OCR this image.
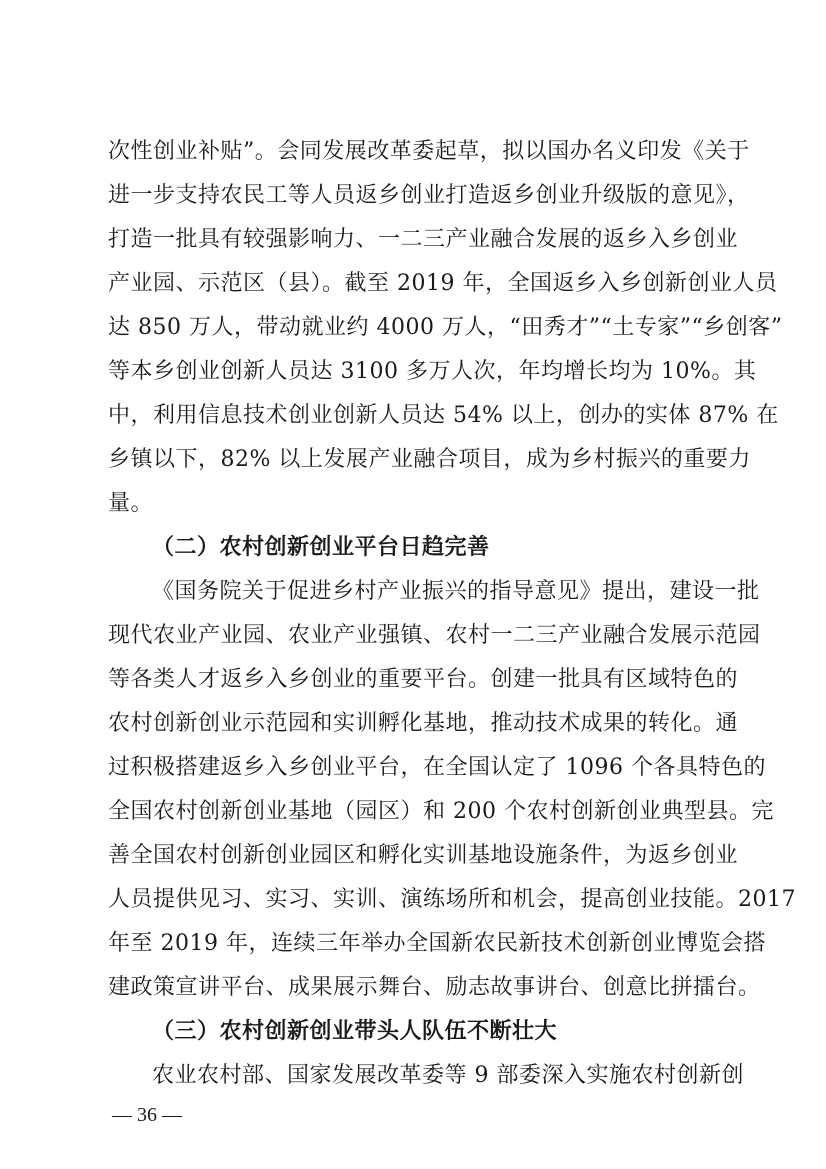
次性创业补贴”。会同发展改革委起草，拟以国办名义印发《关于
进一步支持农民工等人员返乡创业打造返乡创业升级版的意见》，
打造一批具有较强影响力、一二三产业融合发展的返乡入乡创业
产业园、示范区（县）。截至 2019 年，全国返乡入乡创新创业人员
达 850 万人，带动就业约 4000 万人，“田秀才”“土专家”“乡创客”
等本乡创业创新人员达 3100 多万人次，年均增长均为 10%。其
中，利用信息技术创业创新人员达 54% 以上，创办的实体 87% 在
乡镇以下，82% 以上发展产业融合项目，成为乡村振兴的重要力
量。
（二）农村创新创业平台日趋完善
《国务院关于促进乡村产业振兴的指导意见》提出，建设一批
现代农业产业园、农业产业强镇、农村一二三产业融合发展示范园
等各类人才返乡入乡创业的重要平台。创建一批具有区域特色的
农村创新创业示范园和实训孵化基地，推动技术成果的转化。通
过积极搭建返乡入乡创业平台，在全国认定了 1096 个各具特色的
全国农村创新创业基地（园区）和 200 个农村创新创业典型县。完
善全国农村创新创业园区和孵化实训基地设施条件，为返乡创业
人员提供见习、实习、实训、演练场所和机会，提高创业技能。2017
年至 2019 年，连续三年举办全国新农民新技术创新创业博览会搭
建政策宣讲平台、成果展示舞台、励志故事讲台、创意比拼擂台。
（三）农村创新创业带头人队伍不断壮大
农业农村部、国家发展改革委等 9 部委深入实施农村创新创
— 36 —
